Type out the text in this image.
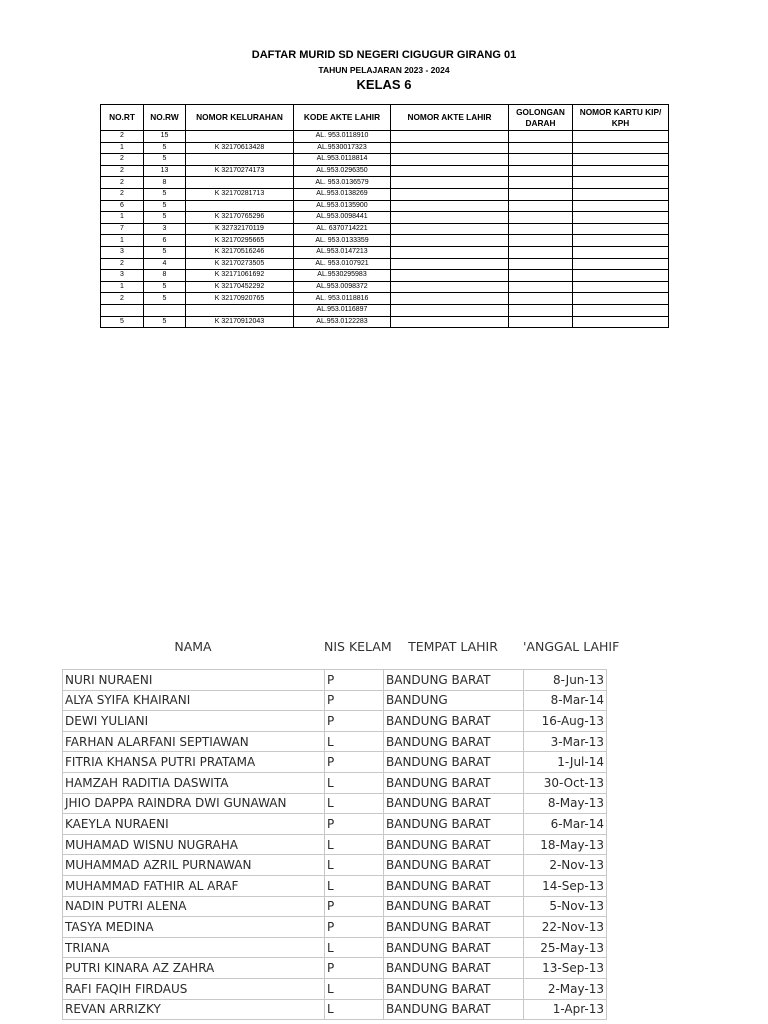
DAFTAR MURID SD NEGERI CIGUGUR GIRANG 01
TAHUN PELAJARAN 2023 - 2024
KELAS 6
NO.RT	NO.RW	NOMOR KELURAHAN	KODE AKTE LAHIR	NOMOR AKTE LAHIR	GOLONGAN DARAH	NOMOR KARTU KIP/ KPH
2	15		AL. 953.0118910			
1	5	K 32170613428	AL.9530017323			
2	5		AL.953.0118814			
2	13	K 32170274173	AL.953.0296350			
2	8		AL. 953.0136579			
2	5	K 32170281713	AL.953.0138269			
6	5		AL.953.0135900			
1	5	K 32170765296	AL.953.0098441			
7	3	K 32732170119	AL. 6370714221			
1	6	K 32170295665	AL. 953.0133359			
3	5	K 32170516246	AL.953.0147213			
2	4	K 32170273505	AL. 953.0107921			
3	8	K 32171061692	AL.9530295983			
1	5	K 32170452292	AL.953.0098372			
2	5	K 32170920765	AL. 953.0118816			
			AL.953.0116897			
5	5	K 32170912043	AL.953.0122283			
NAMA	NIS KELAM	TEMPAT LAHIR	'ANGGAL LAHIF
NURI NURAENI	P	BANDUNG BARAT	8-Jun-13
ALYA SYIFA KHAIRANI	P	BANDUNG	8-Mar-14
DEWI YULIANI	P	BANDUNG BARAT	16-Aug-13
FARHAN ALARFANI SEPTIAWAN	L	BANDUNG BARAT	3-Mar-13
FITRIA KHANSA PUTRI PRATAMA	P	BANDUNG BARAT	1-Jul-14
HAMZAH RADITIA DASWITA	L	BANDUNG BARAT	30-Oct-13
JHIO DAPPA RAINDRA DWI GUNAWAN	L	BANDUNG BARAT	8-May-13
KAEYLA NURAENI	P	BANDUNG BARAT	6-Mar-14
MUHAMAD WISNU NUGRAHA	L	BANDUNG BARAT	18-May-13
MUHAMMAD AZRIL PURNAWAN	L	BANDUNG BARAT	2-Nov-13
MUHAMMAD FATHIR AL ARAF	L	BANDUNG BARAT	14-Sep-13
NADIN PUTRI ALENA	P	BANDUNG BARAT	5-Nov-13
TASYA MEDINA	P	BANDUNG BARAT	22-Nov-13
TRIANA	L	BANDUNG BARAT	25-May-13
PUTRI KINARA AZ ZAHRA	P	BANDUNG BARAT	13-Sep-13
RAFI FAQIH FIRDAUS	L	BANDUNG BARAT	2-May-13
REVAN ARRIZKY	L	BANDUNG BARAT	1-Apr-13
